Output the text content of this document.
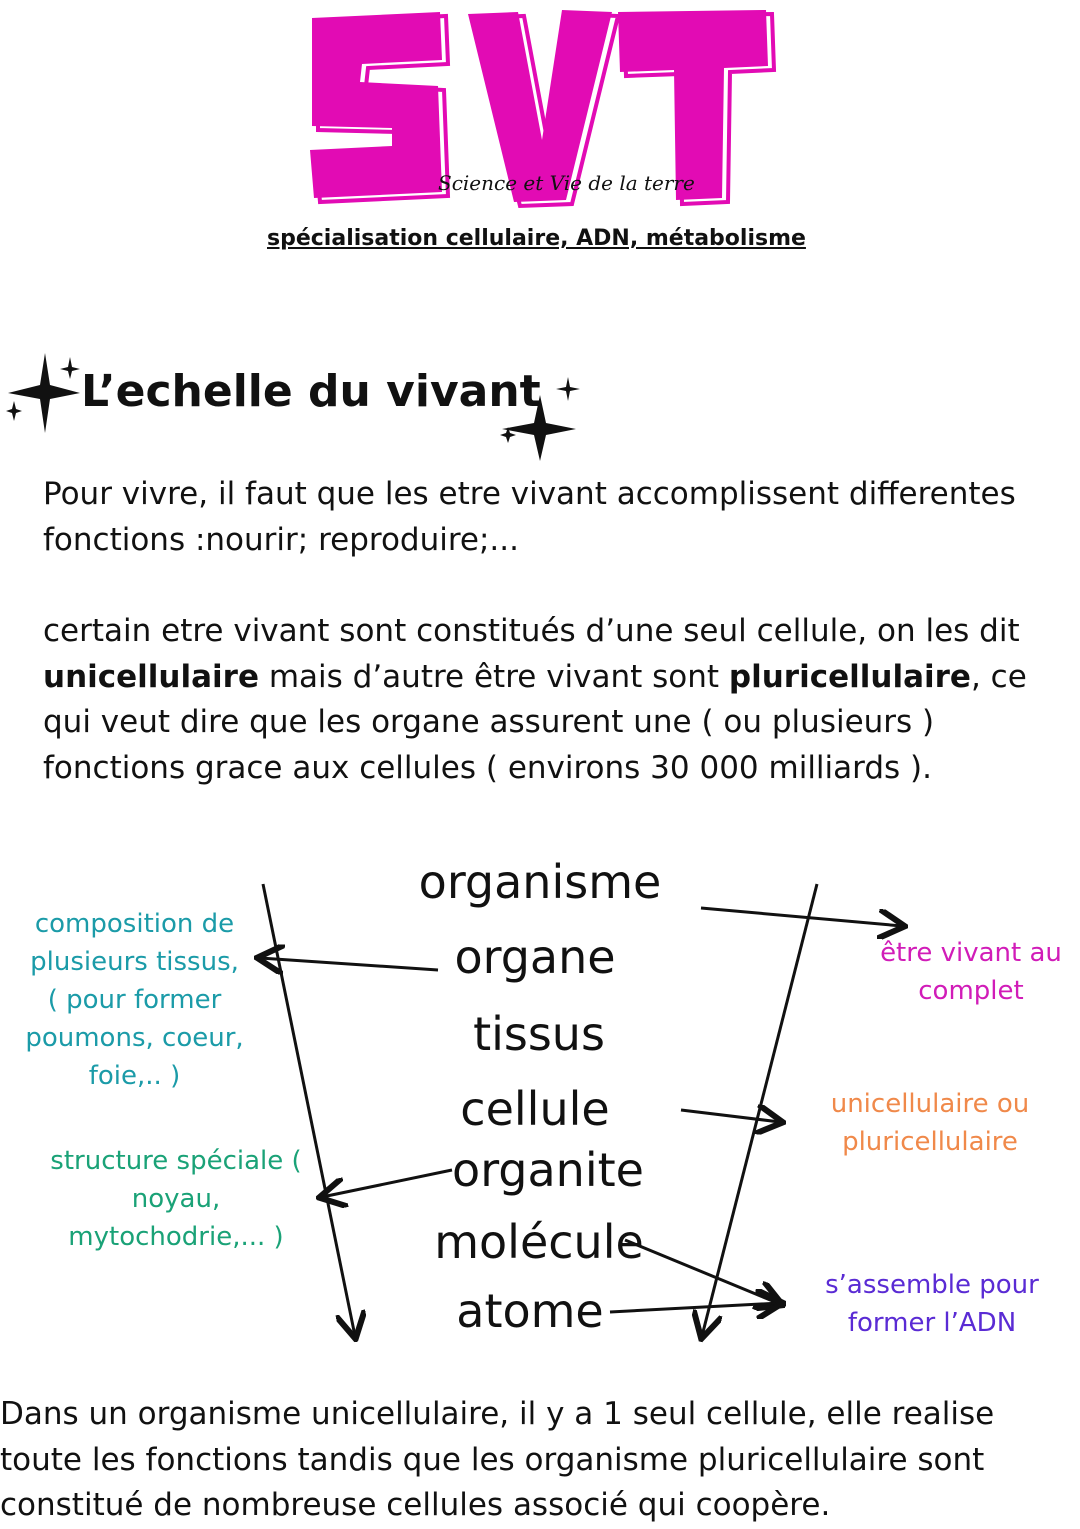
Science et Vie de la terre
spécialisation cellulaire, ADN, métabolisme
L’echelle du vivant

Pour vivre, il faut que les etre vivant accomplissent differentes fonctions :nourir; reproduire;...

certain etre vivant sont constitués d’une seul cellule, on les dit unicellulaire mais d’autre être vivant sont pluricellulaire, ce qui veut dire que les organe assurent une ( ou plusieurs ) fonctions grace aux cellules ( environs 30 000 milliards ).

organisme
organe
tissus
cellule
organite
molécule
atome
composition de plusieurs tissus, ( pour former poumons, coeur, foie,.. )
structure spéciale ( noyau, mytochodrie,... )
être vivant au complet
unicellulaire ou pluricellulaire
s’assemble pour former l’ADN

Dans un organisme unicellulaire, il y a 1 seul cellule, elle realise toute les fonctions tandis que les organisme pluricellulaire sont constitué de nombreuse cellules associé qui coopère.
